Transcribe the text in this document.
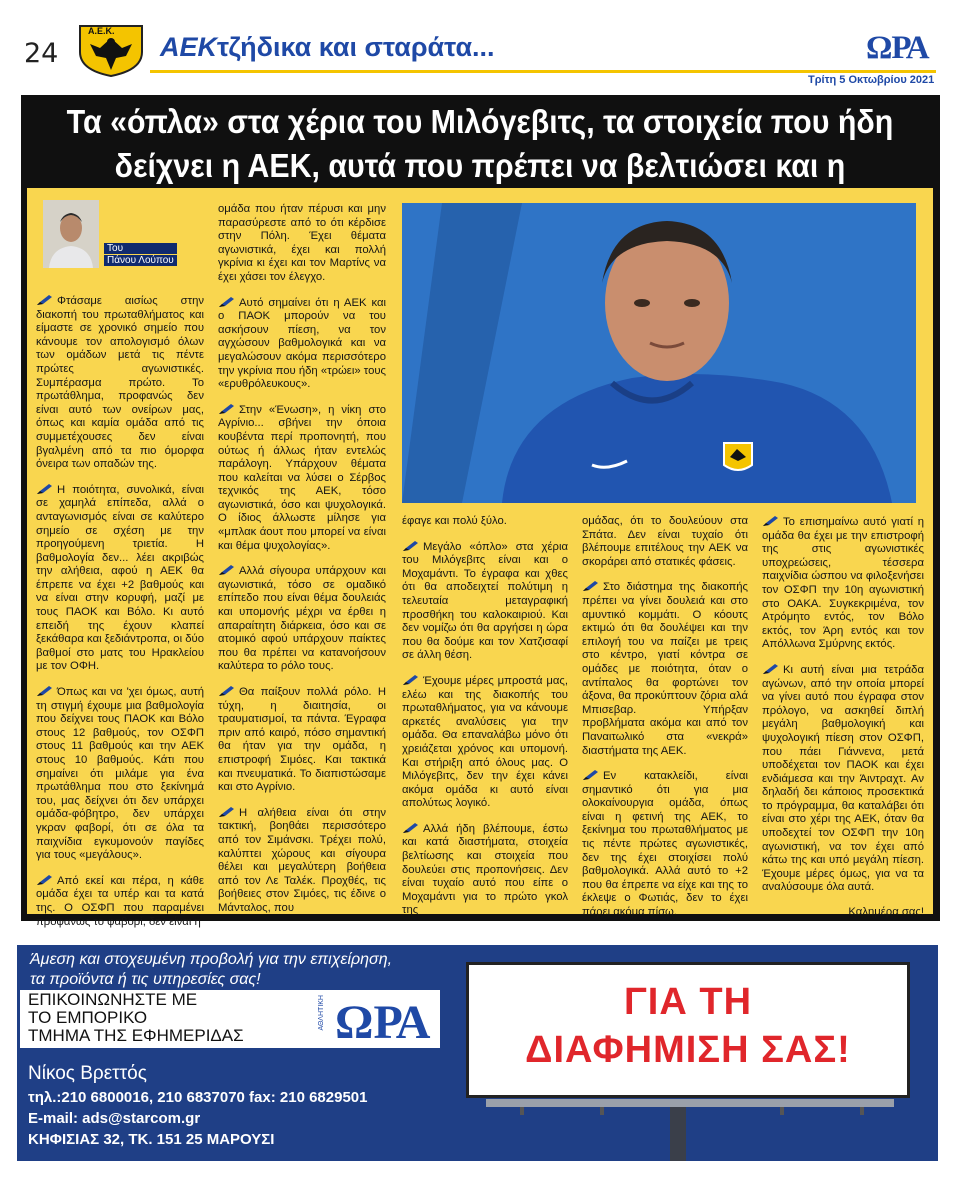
24
Α.Ε.Κ.
ΑΕΚτζήδικα και σταράτα...	ΩΡΑ
Τρίτη 5 Οκτωβρίου 2021
Τα «όπλα» στα χέρια του Μιλόγεβιτς, τα στοιχεία που ήδη
δείχνει η ΑΕΚ, αυτά που πρέπει να βελτιώσει και η
Του
Πάνου Λούπου

Φτάσαμε αισίως στην διακοπή του πρωταθλήματος και είμαστε σε χρονικό σημείο που κάνουμε τον απολογισμό όλων των ομάδων μετά τις πέντε πρώτες αγωνιστικές. Συμπέρασμα πρώτο. Το πρωτάθλημα, προφανώς δεν είναι αυτό των ονείρων μας, όπως και καμία ομάδα από τις συμμετέχουσες δεν είναι βγαλμένη από τα πιο όμορφα όνειρα των οπαδών της.

Η ποιότητα, συνολικά, είναι σε χαμηλά επίπεδα, αλλά ο ανταγωνισμός είναι σε καλύτερο σημείο σε σχέση με την προηγούμενη τριετία. Η βαθμολογία δεν... λέει ακριβώς την αλήθεια, αφού η ΑΕΚ θα έπρεπε να έχει +2 βαθμούς και να είναι στην κορυφή, μαζί με τους ΠΑΟΚ και Βόλο. Κι αυτό επειδή της έχουν κλαπεί ξεκάθαρα και ξεδιάντροπα, οι δύο βαθμοί στο ματς του Ηρακλείου με τον ΟΦΗ.

Όπως και να 'χει όμως, αυτή τη στιγμή έχουμε μια βαθμολογία που δείχνει τους ΠΑΟΚ και Βόλο στους 12 βαθμούς, τον ΟΣΦΠ στους 11 βαθμούς και την ΑΕΚ στους 10 βαθμούς. Κάτι που σημαίνει ότι μιλάμε για ένα πρωτάθλημα που στο ξεκίνημά του, μας δείχνει ότι δεν υπάρχει ομάδα-φόβητρο, δεν υπάρχει γκραν φαβορί, ότι σε όλα τα παιχνίδια εγκυμονούν παγίδες για τους «μεγάλους».

Από εκεί και πέρα, η κάθε ομάδα έχει τα υπέρ και τα κατά της. Ο ΟΣΦΠ που παραμένει προφανώς το φαβορί, δεν είναι η

ομάδα που ήταν πέρυσι και μην παρασύρεστε από το ότι κέρδισε στην Πόλη. Έχει θέματα αγωνιστικά, έχει και πολλή γκρίνια κι έχει και τον Μαρτίνς να έχει χάσει τον έλεγχο.

Αυτό σημαίνει ότι η ΑΕΚ και ο ΠΑΟΚ μπορούν να του ασκήσουν πίεση, να τον αγχώσουν βαθμολογικά και να μεγαλώσουν ακόμα περισσότερο την γκρίνια που ήδη «τρώει» τους «ερυθρόλευκους».

Στην «Ένωση», η νίκη στο Αγρίνιο... σβήνει την όποια κουβέντα περί προπονητή, που ούτως ή άλλως ήταν εντελώς παράλογη. Υπάρχουν θέματα που καλείται να λύσει ο Σέρβος τεχνικός της ΑΕΚ, τόσο αγωνιστικά, όσο και ψυχολογικά. Ο ίδιος άλλωστε μίλησε για «μπλακ άουτ που μπορεί να είναι και θέμα ψυχολογίας».

Αλλά σίγουρα υπάρχουν και αγωνιστικά, τόσο σε ομαδικό επίπεδο που είναι θέμα δουλειάς και υπομονής μέχρι να έρθει η απαραίτητη διάρκεια, όσο και σε ατομικό αφού υπάρχουν παίκτες που θα πρέπει να κατανοήσουν καλύτερα το ρόλο τους.

Θα παίξουν πολλά ρόλο. Η τύχη, η διαιτησία, οι τραυματισμοί, τα πάντα. Έγραφα πριν από καιρό, πόσο σημαντική θα ήταν για την ομάδα, η επιστροφή Σιμόες. Και τακτικά και πνευματικά. Το διαπιστώσαμε και στο Αγρίνιο.

Η αλήθεια είναι ότι στην τακτική, βοηθάει περισσότερο από τον Σιμάνσκι. Τρέχει πολύ, καλύπτει χώρους και σίγουρα θέλει και μεγαλύτερη βοήθεια από τον Λε Ταλέκ. Προχθές, τις βοήθειες στον Σιμόες, τις έδινε ο Μάνταλος, που

έφαγε και πολύ ξύλο.

Μεγάλο «όπλο» στα χέρια του Μιλόγεβιτς είναι και ο Μοχαμάντι. Το έγραφα και χθες ότι θα αποδειχτεί πολύτιμη η τελευταία μεταγραφική προσθήκη του καλοκαιριού. Και δεν νομίζω ότι θα αργήσει η ώρα που θα δούμε και τον Χατζισαφί σε άλλη θέση.

Έχουμε μέρες μπροστά μας, ελέω και της διακοπής του πρωταθλήματος, για να κάνουμε αρκετές αναλύσεις για την ομάδα. Θα επαναλάβω μόνο ότι χρειάζεται χρόνος και υπομονή. Και στήριξη από όλους μας. Ο Μιλόγεβιτς, δεν την έχει κάνει ακόμα ομάδα κι αυτό είναι απολύτως λογικό.

Αλλά ήδη βλέπουμε, έστω και κατά διαστήματα, στοιχεία βελτίωσης και στοιχεία που δουλεύει στις προπονήσεις. Δεν είναι τυχαίο αυτό που είπε ο Μοχαμάντι για το πρώτο γκολ της

ομάδας, ότι το δουλεύουν στα Σπάτα. Δεν είναι τυχαίο ότι βλέπουμε επιτέλους την ΑΕΚ να σκοράρει από στατικές φάσεις.

Στο διάστημα της διακοπής πρέπει να γίνει δουλειά και στο αμυντικό κομμάτι. Ο κόουτς εκτιμώ ότι θα δουλέψει και την επιλογή του να παίζει με τρεις στο κέντρο, γιατί κόντρα σε ομάδες με ποιότητα, όταν ο αντίπαλος θα φορτώνει τον άξονα, θα προκύπτουν ζόρια αλά Μπισεβαρ. Υπήρξαν προβλήματα ακόμα και από τον Παναιτωλικό στα «νεκρά» διαστήματα της ΑΕΚ.

Εν κατακλείδι, είναι σημαντικό ότι για μια ολοκαίνουργια ομάδα, όπως είναι η φετινή της ΑΕΚ, το ξεκίνημα του πρωταθλήματος με τις πέντε πρώτες αγωνιστικές, δεν της έχει στοιχίσει πολύ βαθμολογικά. Αλλά αυτό το +2 που θα έπρεπε να είχε και της το έκλεψε ο Φωτιάς, δεν το έχει πάρει ακόμα πίσω.

Το επισημαίνω αυτό γιατί η ομάδα θα έχει με την επιστροφή της στις αγωνιστικές υποχρεώσεις, τέσσερα παιχνίδια ώσπου να φιλοξενήσει τον ΟΣΦΠ την 10η αγωνιστική στο ΟΑΚΑ. Συγκεκριμένα, τον Ατρόμητο εντός, τον Βόλο εκτός, τον Άρη εντός και τον Απόλλωνα Σμύρνης εκτός.

Κι αυτή είναι μια τετράδα αγώνων, από την οποία μπορεί να γίνει αυτό που έγραφα στον πρόλογο, να ασκηθεί διπλή μεγάλη βαθμολογική και ψυχολογική πίεση στον ΟΣΦΠ, που πάει Γιάννενα, μετά υποδέχεται τον ΠΑΟΚ και έχει ενδιάμεσα και την Άιντραχτ. Αν δηλαδή δει κάποιος προσεκτικά το πρόγραμμα, θα καταλάβει ότι είναι στο χέρι της ΑΕΚ, όταν θα υποδεχτεί τον ΟΣΦΠ την 10η αγωνιστική, να τον έχει από κάτω της και υπό μεγάλη πίεση. Έχουμε μέρες όμως, για να τα αναλύσουμε όλα αυτά.

Καλημέρα σας!

Άμεση και στοχευμένη προβολή για την επιχείρηση,
τα προϊόντα ή τις υπηρεσίες σας!
ΕΠΙΚΟΙΝΩΝΗΣΤΕ ΜΕ
ΤΟ ΕΜΠΟΡΙΚΟ
ΤΜΗΜΑ ΤΗΣ ΕΦΗΜΕΡΙΔΑΣ
ΑΘΛΗΤΙΚΗ ΩΡΑ
Νίκος Βρεττός
τηλ.:210 6800016, 210 6837070 fax: 210 6829501
E-mail: ads@starcom.gr
ΚΗΦΙΣΙΑΣ 32, ΤΚ. 151 25 ΜΑΡΟΥΣΙ
ΓΙΑ ΤΗ
ΔΙΑΦΗΜΙΣΗ ΣΑΣ!
